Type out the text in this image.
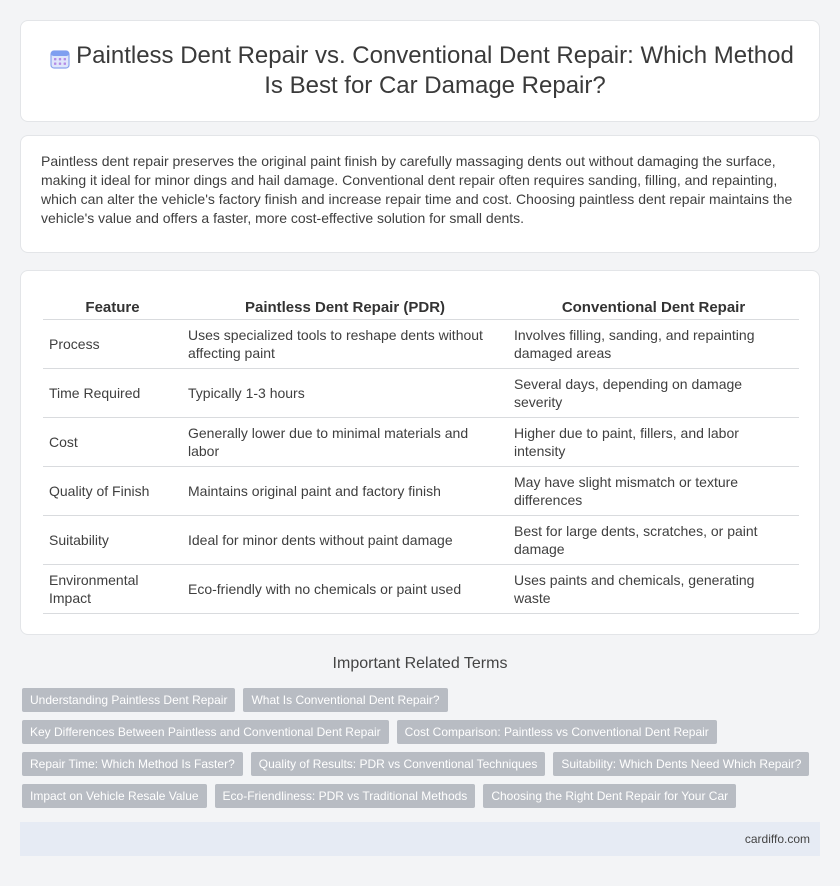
Paintless Dent Repair vs. Conventional Dent Repair: Which Method Is Best for Car Damage Repair?

Paintless dent repair preserves the original paint finish by carefully massaging dents out without damaging the surface, making it ideal for minor dings and hail damage. Conventional dent repair often requires sanding, filling, and repainting, which can alter the vehicle's factory finish and increase repair time and cost. Choosing paintless dent repair maintains the vehicle's value and offers a faster, more cost-effective solution for small dents.

Feature	Paintless Dent Repair (PDR)	Conventional Dent Repair
Process	Uses specialized tools to reshape dents without affecting paint	Involves filling, sanding, and repainting damaged areas
Time Required	Typically 1-3 hours	Several days, depending on damage severity
Cost	Generally lower due to minimal materials and labor	Higher due to paint, fillers, and labor intensity
Quality of Finish	Maintains original paint and factory finish	May have slight mismatch or texture differences
Suitability	Ideal for minor dents without paint damage	Best for large dents, scratches, or paint damage
Environmental Impact	Eco-friendly with no chemicals or paint used	Uses paints and chemicals, generating waste
Important Related Terms
Understanding Paintless Dent Repair	What Is Conventional Dent Repair?
Key Differences Between Paintless and Conventional Dent Repair	Cost Comparison: Paintless vs Conventional Dent Repair
Repair Time: Which Method Is Faster?	Quality of Results: PDR vs Conventional Techniques	Suitability: Which Dents Need Which Repair?
Impact on Vehicle Resale Value	Eco-Friendliness: PDR vs Traditional Methods	Choosing the Right Dent Repair for Your Car
cardiffo.com
